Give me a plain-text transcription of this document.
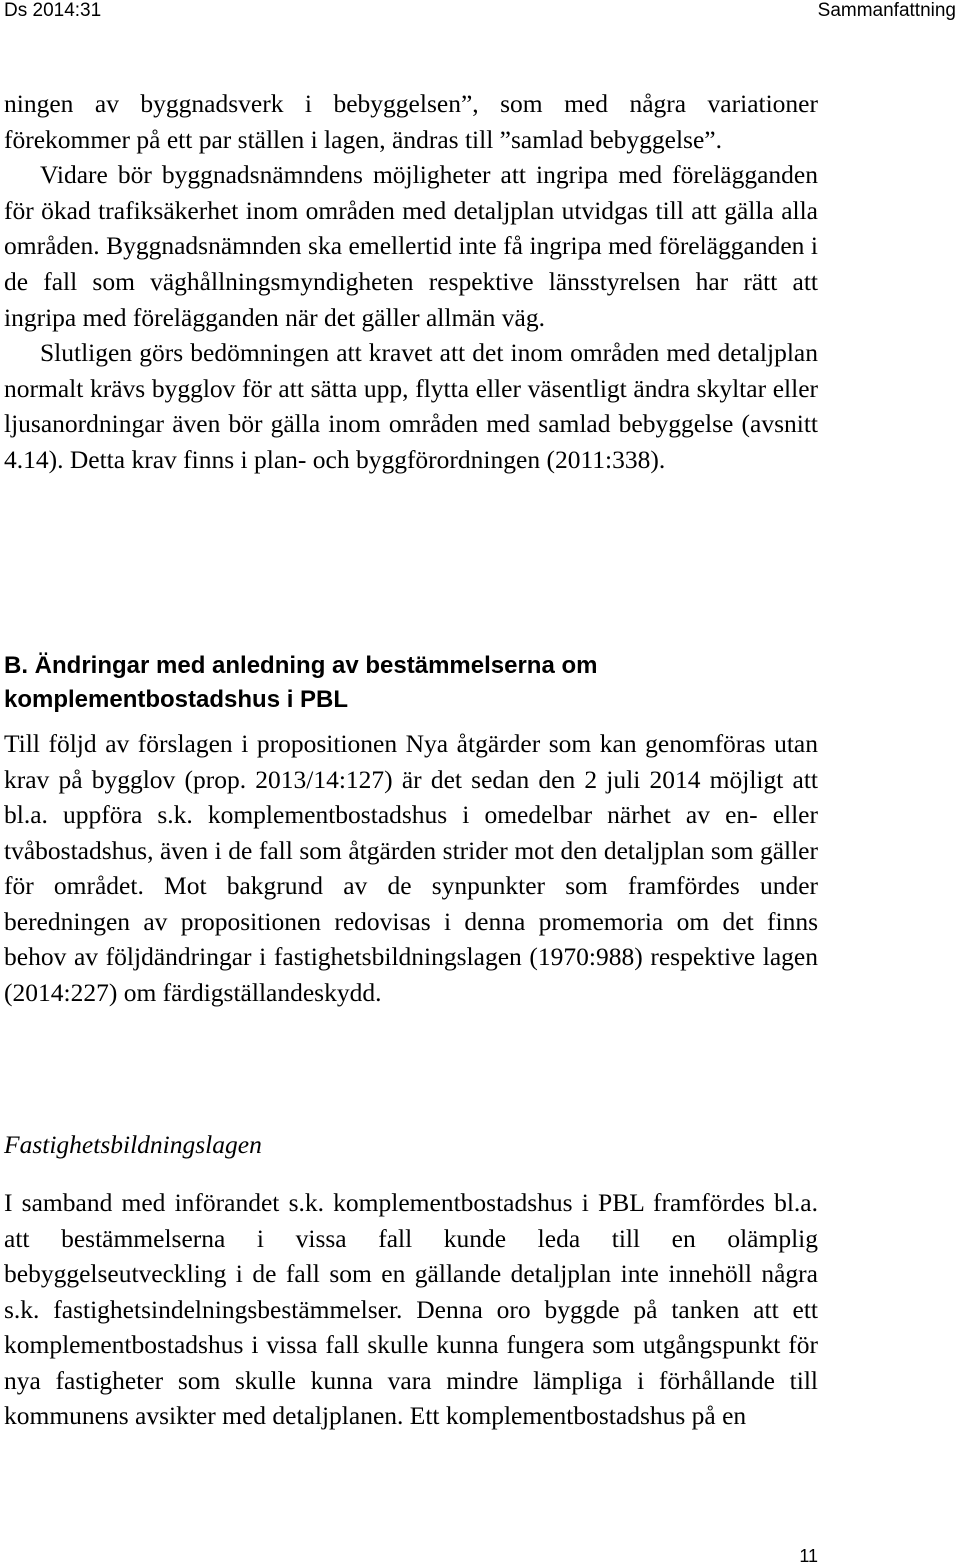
Ds 2014:31	Sammanfattning

ningen av byggnadsverk i bebyggelsen”, som med några variationer förekommer på ett par ställen i lagen, ändras till ”samlad bebyggelse”.

Vidare bör byggnadsnämndens möjligheter att ingripa med förelägganden för ökad trafiksäkerhet inom områden med detaljplan utvidgas till att gälla alla områden. Byggnadsnämnden ska emellertid inte få ingripa med förelägganden i de fall som väghållningsmyndigheten respektive länsstyrelsen har rätt att ingripa med förelägganden när det gäller allmän väg.

Slutligen görs bedömningen att kravet att det inom områden med detaljplan normalt krävs bygglov för att sätta upp, flytta eller väsentligt ändra skyltar eller ljusanordningar även bör gälla inom områden med samlad bebyggelse (avsnitt 4.14). Detta krav finns i plan- och byggförordningen (2011:338).

B. Ändringar med anledning av bestämmelserna om komplementbostadshus i PBL

Till följd av förslagen i propositionen Nya åtgärder som kan genomföras utan krav på bygglov (prop. 2013/14:127) är det sedan den 2 juli 2014 möjligt att bl.a. uppföra s.k. komplementbostadshus i omedelbar närhet av en- eller tvåbostadshus, även i de fall som åtgärden strider mot den detaljplan som gäller för området. Mot bakgrund av de synpunkter som framfördes under beredningen av propositionen redovisas i denna promemoria om det finns behov av följdändringar i fastighetsbildningslagen (1970:988) respektive lagen (2014:227) om färdigställandeskydd.

Fastighetsbildningslagen

I samband med införandet s.k. komplementbostadshus i PBL framfördes bl.a. att bestämmelserna i vissa fall kunde leda till en olämplig bebyggelseutveckling i de fall som en gällande detaljplan inte innehöll några s.k. fastighetsindelningsbestämmelser. Denna oro byggde på tanken att ett komplementbostadshus i vissa fall skulle kunna fungera som utgångspunkt för nya fastigheter som skulle kunna vara mindre lämpliga i förhållande till kommunens avsikter med detaljplanen. Ett komplementbostadshus på en

11
